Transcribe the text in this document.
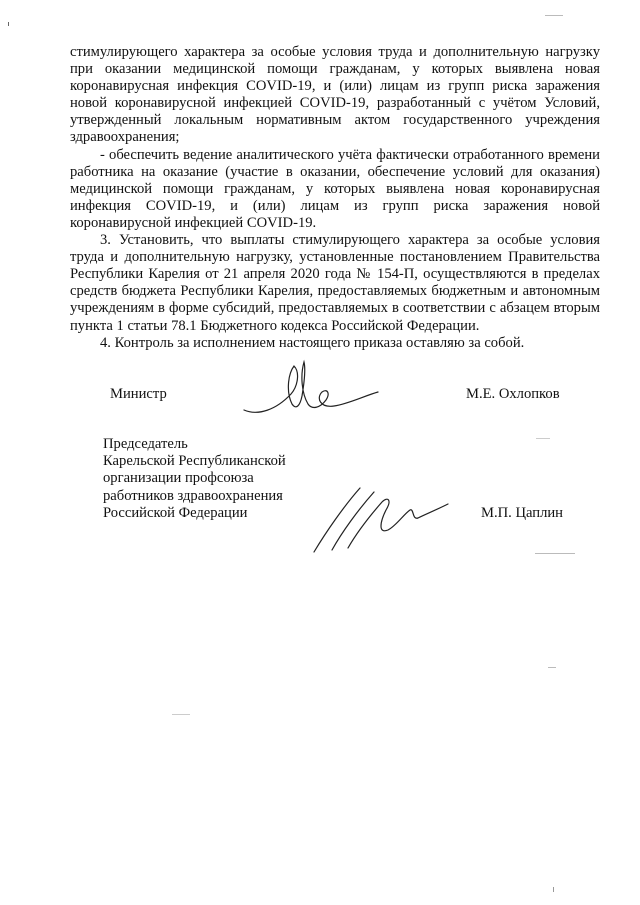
стимулирующего характера за особые условия труда и дополнительную нагрузку при оказании медицинской помощи гражданам, у которых выявлена новая коронавирусная инфекция COVID-19, и (или) лицам из групп риска заражения новой коронавирусной инфекцией COVID-19, разработанный с учётом Условий, утвержденный локальным нормативным актом государственного учреждения здравоохранения;

- обеспечить ведение аналитического учёта фактически отработанного времени работника на оказание (участие в оказании, обеспечение условий для оказания) медицинской помощи гражданам, у которых выявлена новая коронавирусная инфекция COVID-19, и (или) лицам из групп риска заражения новой коронавирусной инфекцией COVID-19.

3. Установить, что выплаты стимулирующего характера за особые условия труда и дополнительную нагрузку, установленные постановлением Правительства Республики Карелия от 21 апреля 2020 года № 154-П, осуществляются в пределах средств бюджета Республики Карелия, предоставляемых бюджетным и автономным учреждениям в форме субсидий, предоставляемых в соответствии с абзацем вторым пункта 1 статьи 78.1 Бюджетного кодекса Российской Федерации.

4. Контроль за исполнением настоящего приказа оставляю за собой.

Министр	М.Е. Охлопков
Председатель
Карельской Республиканской
организации профсоюза
работников здравоохранения
Российской Федерации	М.П. Цаплин
